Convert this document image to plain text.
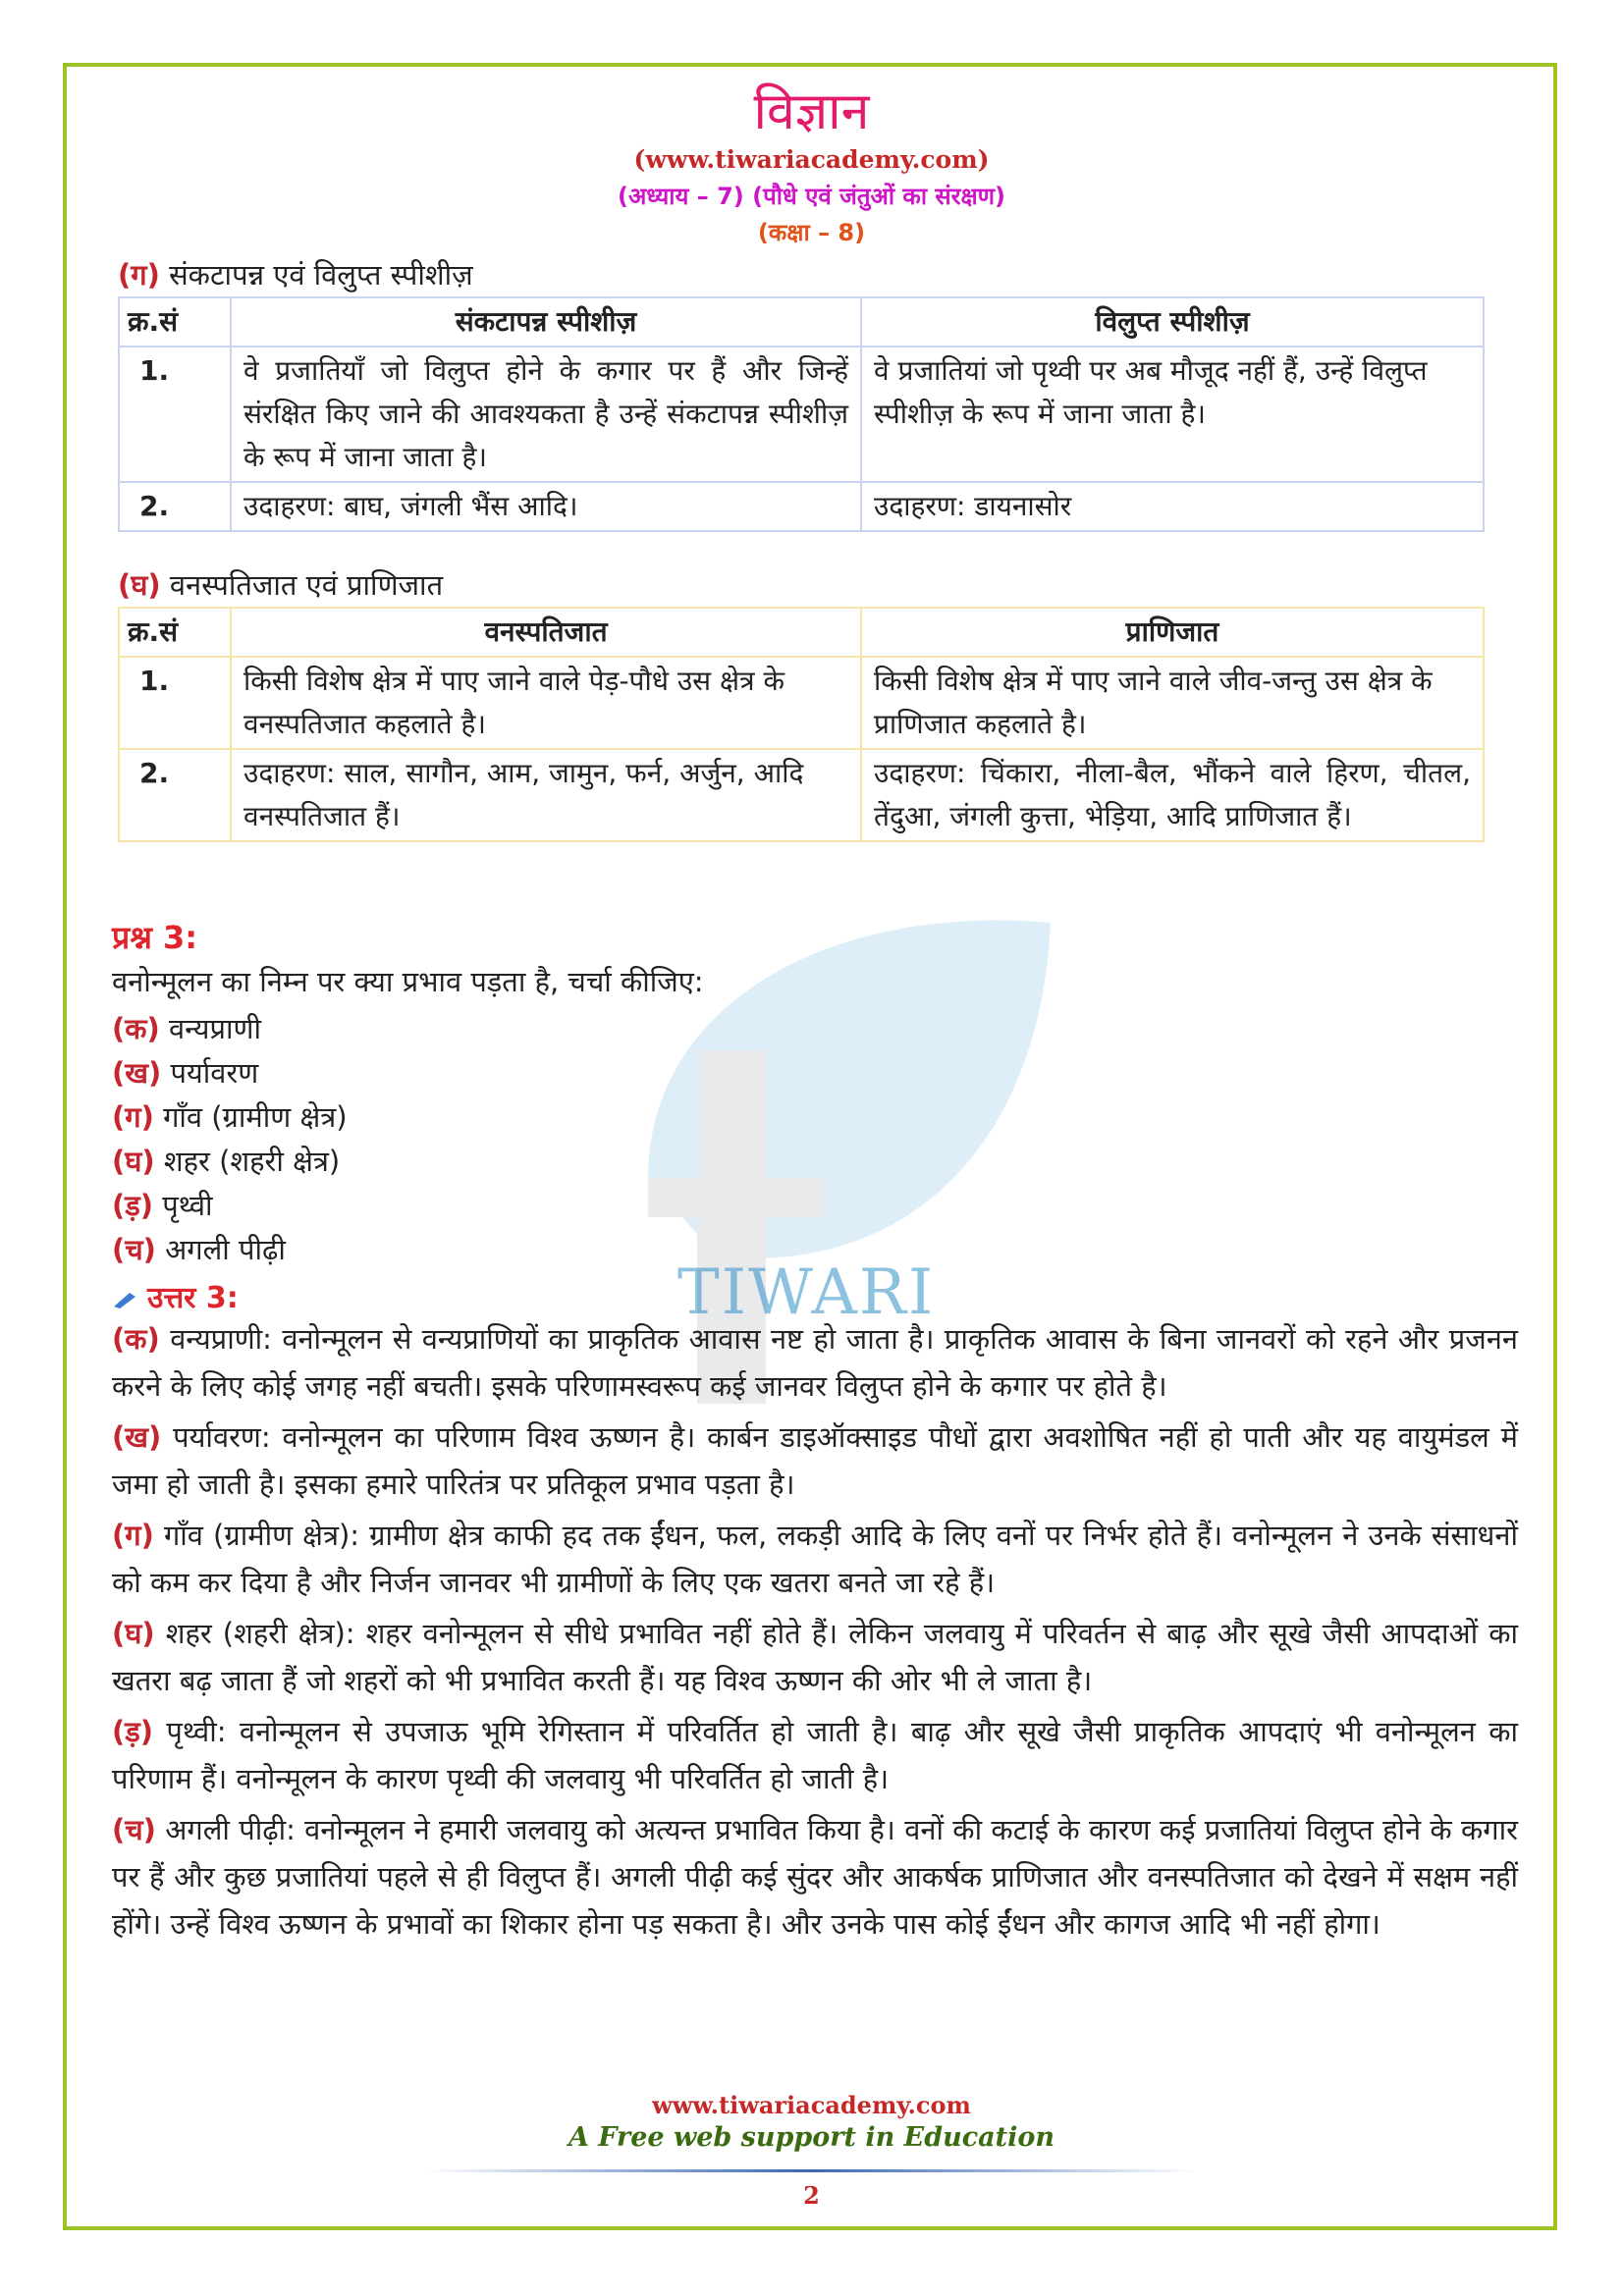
TIWARI
विज्ञान
(www.tiwariacademy.com)
(अध्याय – 7) (पौधे एवं जंतुओं का संरक्षण)
(कक्षा – 8)
(ग) संकटापन्न एवं विलुप्त स्पीशीज़
क्र.सं	संकटापन्न स्पीशीज़	विलुप्त स्पीशीज़
1.	वे प्रजातियाँ जो विलुप्त होने के कगार पर हैं और जिन्हें संरक्षित किए जाने की आवश्यकता है उन्हें संकटापन्न स्पीशीज़ के रूप में जाना जाता है।	वे प्रजातियां जो पृथ्वी पर अब मौजूद नहीं हैं, उन्हें विलुप्त स्पीशीज़ के रूप में जाना जाता है।
2.	उदाहरण: बाघ, जंगली भैंस आदि।	उदाहरण: डायनासोर
(घ) वनस्पतिजात एवं प्राणिजात
क्र.सं	वनस्पतिजात	प्राणिजात
1.	किसी विशेष क्षेत्र में पाए जाने वाले पेड़-पौधे उस क्षेत्र के वनस्पतिजात कहलाते है।	किसी विशेष क्षेत्र में पाए जाने वाले जीव-जन्तु उस क्षेत्र के प्राणिजात कहलाते है।
2.	उदाहरण: साल, सागौन, आम, जामुन, फर्न, अर्जुन, आदि वनस्पतिजात हैं।	उदाहरण: चिंकारा, नीला-बैल, भौंकने वाले हिरण, चीतल, तेंदुआ, जंगली कुत्ता, भेड़िया, आदि प्राणिजात हैं।
प्रश्न 3:
वनोन्मूलन का निम्न पर क्या प्रभाव पड़ता है, चर्चा कीजिए:
(क) वन्यप्राणी
(ख) पर्यावरण
(ग) गाँव (ग्रामीण क्षेत्र)
(घ) शहर (शहरी क्षेत्र)
(ड़) पृथ्वी
(च) अगली पीढ़ी
उत्तर 3:

(क) वन्यप्राणी: वनोन्मूलन से वन्यप्राणियों का प्राकृतिक आवास नष्ट हो जाता है। प्राकृतिक आवास के बिना जानवरों को रहने और प्रजनन करने के लिए कोई जगह नहीं बचती। इसके परिणामस्वरूप कई जानवर विलुप्त होने के कगार पर होते है।

(ख) पर्यावरण: वनोन्मूलन का परिणाम विश्व ऊष्णन है। कार्बन डाइऑक्साइड पौधों द्वारा अवशोषित नहीं हो पाती और यह वायुमंडल में जमा हो जाती है। इसका हमारे पारितंत्र पर प्रतिकूल प्रभाव पड़ता है।

(ग) गाँव (ग्रामीण क्षेत्र): ग्रामीण क्षेत्र काफी हद तक ईंधन, फल, लकड़ी आदि के लिए वनों पर निर्भर होते हैं। वनोन्मूलन ने उनके संसाधनों को कम कर दिया है और निर्जन जानवर भी ग्रामीणों के लिए एक खतरा बनते जा रहे हैं।

(घ) शहर (शहरी क्षेत्र): शहर वनोन्मूलन से सीधे प्रभावित नहीं होते हैं। लेकिन जलवायु में परिवर्तन से बाढ़ और सूखे जैसी आपदाओं का खतरा बढ़ जाता हैं जो शहरों को भी प्रभावित करती हैं। यह विश्व ऊष्णन की ओर भी ले जाता है।

(ड़) पृथ्वी: वनोन्मूलन से उपजाऊ भूमि रेगिस्तान में परिवर्तित हो जाती है। बाढ़ और सूखे जैसी प्राकृतिक आपदाएं भी वनोन्मूलन का परिणाम हैं। वनोन्मूलन के कारण पृथ्वी की जलवायु भी परिवर्तित हो जाती है।

(च) अगली पीढ़ी: वनोन्मूलन ने हमारी जलवायु को अत्यन्त प्रभावित किया है। वनों की कटाई के कारण कई प्रजातियां विलुप्त होने के कगार पर हैं और कुछ प्रजातियां पहले से ही विलुप्त हैं। अगली पीढ़ी कई सुंदर और आकर्षक प्राणिजात और वनस्पतिजात को देखने में सक्षम नहीं होंगे। उन्हें विश्व ऊष्णन के प्रभावों का शिकार होना पड़ सकता है। और उनके पास कोई ईंधन और कागज आदि भी नहीं होगा।

www.tiwariacademy.com
A Free web support in Education
2
